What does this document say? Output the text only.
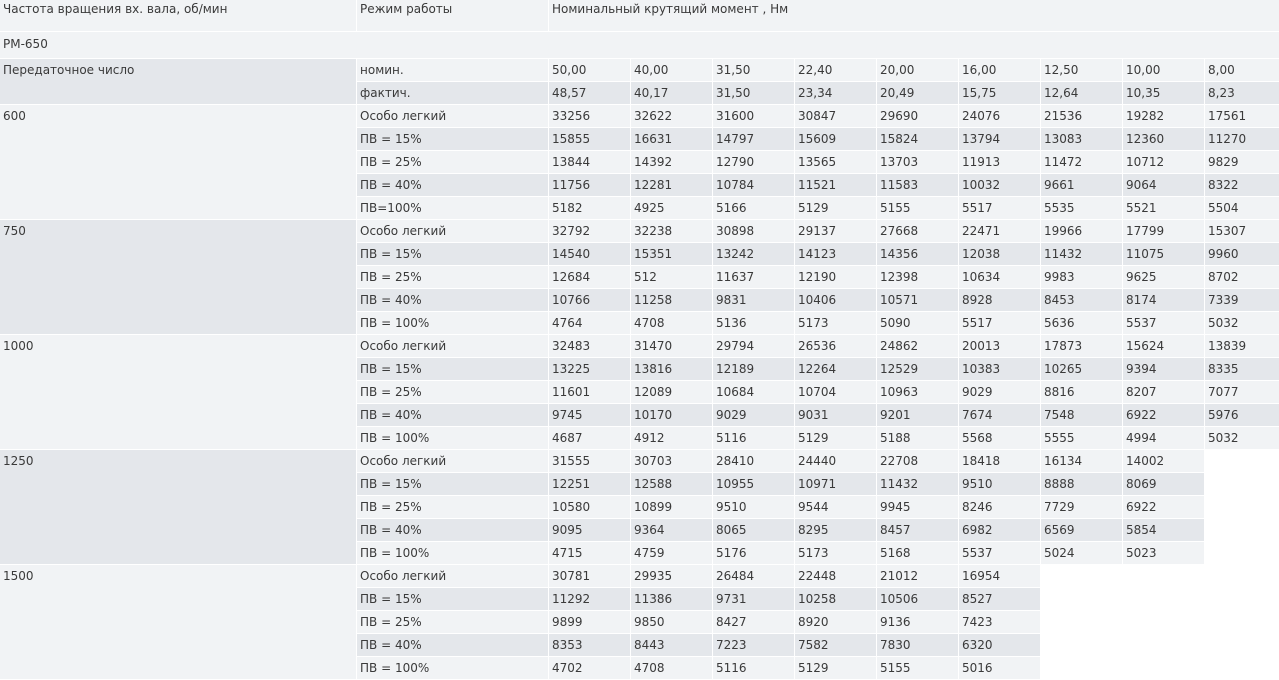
Частота вращения вх. вала, об/мин	Режим работы	Номинальный крутящий момент , Нм								
РМ-650										
Передаточное число	номин.	50,00	40,00	31,50	22,40	20,00	16,00	12,50	10,00	8,00
	фактич.	48,57	40,17	31,50	23,34	20,49	15,75	12,64	10,35	8,23
600	Особо легкий	33256	32622	31600	30847	29690	24076	21536	19282	17561
	ПВ = 15%	15855	16631	14797	15609	15824	13794	13083	12360	11270
	ПВ = 25%	13844	14392	12790	13565	13703	11913	11472	10712	9829
	ПВ = 40%	11756	12281	10784	11521	11583	10032	9661	9064	8322
	ПВ=100%	5182	4925	5166	5129	5155	5517	5535	5521	5504
750	Особо легкий	32792	32238	30898	29137	27668	22471	19966	17799	15307
	ПВ = 15%	14540	15351	13242	14123	14356	12038	11432	11075	9960
	ПВ = 25%	12684	512	11637	12190	12398	10634	9983	9625	8702
	ПВ = 40%	10766	11258	9831	10406	10571	8928	8453	8174	7339
	ПВ = 100%	4764	4708	5136	5173	5090	5517	5636	5537	5032
1000	Особо легкий	32483	31470	29794	26536	24862	20013	17873	15624	13839
	ПВ = 15%	13225	13816	12189	12264	12529	10383	10265	9394	8335
	ПВ = 25%	11601	12089	10684	10704	10963	9029	8816	8207	7077
	ПВ = 40%	9745	10170	9029	9031	9201	7674	7548	6922	5976
	ПВ = 100%	4687	4912	5116	5129	5188	5568	5555	4994	5032
1250	Особо легкий	31555	30703	28410	24440	22708	18418	16134	14002	
	ПВ = 15%	12251	12588	10955	10971	11432	9510	8888	8069	
	ПВ = 25%	10580	10899	9510	9544	9945	8246	7729	6922	
	ПВ = 40%	9095	9364	8065	8295	8457	6982	6569	5854	
	ПВ = 100%	4715	4759	5176	5173	5168	5537	5024	5023	
1500	Особо легкий	30781	29935	26484	22448	21012	16954			
	ПВ = 15%	11292	11386	9731	10258	10506	8527			
	ПВ = 25%	9899	9850	8427	8920	9136	7423			
	ПВ = 40%	8353	8443	7223	7582	7830	6320			
	ПВ = 100%	4702	4708	5116	5129	5155	5016			
